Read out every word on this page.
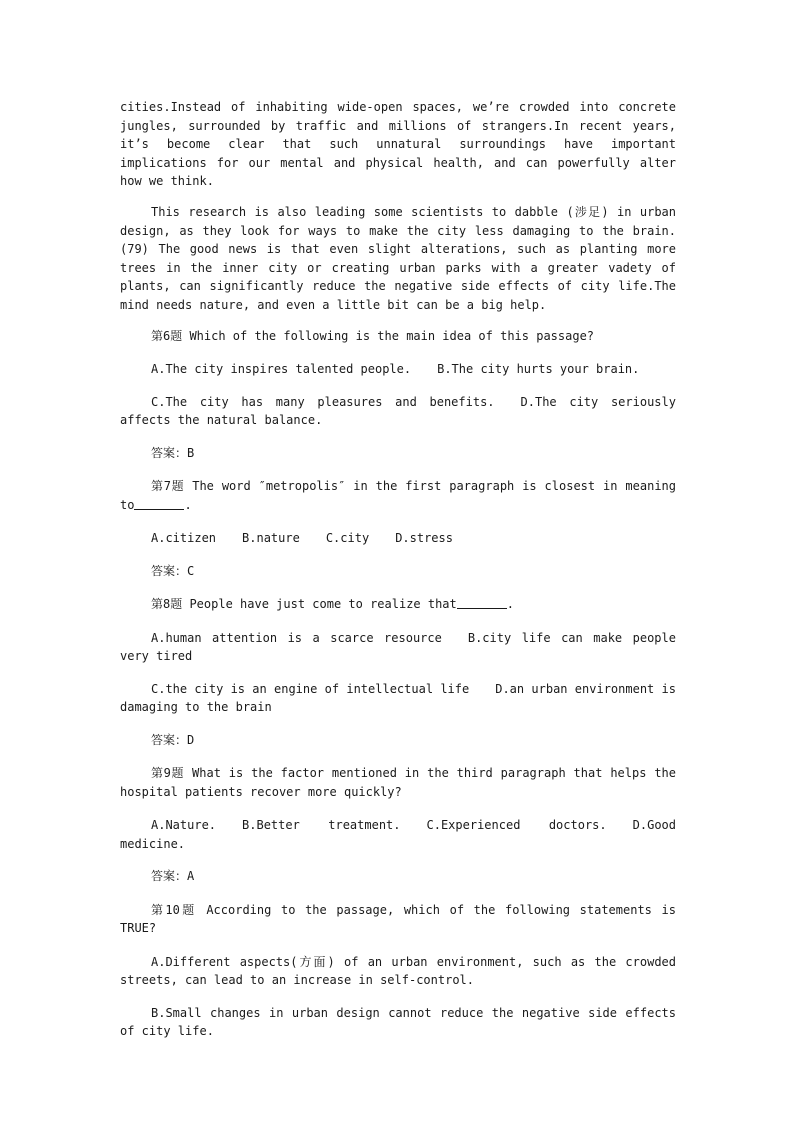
cities.Instead of inhabiting wide-open spaces, we’re crowded into concrete jungles, surrounded by traffic and millions of strangers.In recent years, it’s become clear that such unnatural surroundings have important implications for our mental and physical health, and can powerfully alter how we think.

This research is also leading some scientists to dabble (涉足) in urban design, as they look for ways to make the city less damaging to the brain.(79) The good news is that even slight alterations, such as planting more trees in the inner city or creating urban parks with a greater vadety of plants, can significantly reduce the negative side effects of city life.The mind needs nature, and even a little bit can be a big help.

第6题 Which of the following is the main idea of this passage?

A.The city inspires talented people. B.The city hurts your brain.

C.The city has many pleasures and benefits. D.The city seriously affects the natural balance.

答案：B

第7题 The word ″metropolis″ in the first paragraph is closest in meaning to	.

A.citizen B.nature C.city D.stress

答案：C

第8题 People have just come to realize that	.

A.human attention is a scarce resource B.city life can make people very tired

C.the city is an engine of intellectual life D.an urban environment is damaging to the brain

答案：D

第9题 What is the factor mentioned in the third paragraph that helps the hospital patients recover more quickly?

A.Nature. B.Better treatment. C.Experienced doctors. D.Good medicine.

答案：A

第10题 According to the passage, which of the following statements is TRUE?

A.Different aspects(方面) of an urban environment, such as the crowded streets, can lead to an increase in self-control.

B.Small changes in urban design cannot reduce the negative side effects of city life.
